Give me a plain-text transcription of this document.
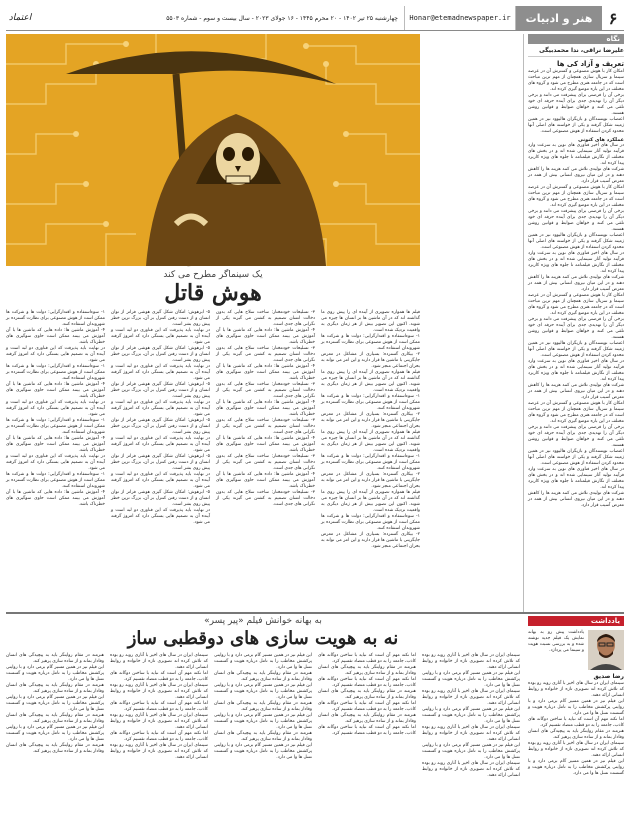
۶
هنر و ادبیات
Honar@etemadnewspaper.ir
چهارشنبه ۲۵ تیر ۱۴۰۲ - ۲۰ محرم ۱۴۴۵ - ۱۶ جولای ۲۰۲۳ - سال بیست و سوم - شماره ۵۵۰۳
اعتماد
نگاه
علیرضا نراقی، ندا محمدبیگی
تعریف و آزاد کی ها
امکان کار با هوش مصنوعی و گسترش آن در عرصه سینما و سریال سازی همچنان از مهم ترین مباحث است که در جامعه هنری مطرح می شود و گروه های مختلف در این باره موضع گیری کرده اند.
برخی آن را فرصتی برای پیشرفت می دانند و برخی دیگر آن را تهدیدی جدی برای آینده حرفه ای خود تلقی می کنند و خواهان ضوابط و قوانین روشن هستند.
اعتصاب نویسندگان و بازیگران هالیوود نیز در همین زمینه شکل گرفته و یکی از خواسته های اصلی آنها محدود کردن استفاده از هوش مصنوعی است.
عملکرد های کنونی
در سال های اخیر فناوری های نوین به سرعت وارد فرآیند تولید آثار سینمایی شده اند و در بخش های مختلف از نگارش فیلمنامه تا جلوه های ویژه کاربرد پیدا کرده اند.
شرکت های تولیدی تلاش می کنند هزینه ها را کاهش دهند و در این میان نیروی انسانی بیش از همه در معرض آسیب قرار دارد.
امکان کار با هوش مصنوعی و گسترش آن در عرصه سینما و سریال سازی همچنان از مهم ترین مباحث است که در جامعه هنری مطرح می شود و گروه های مختلف در این باره موضع گیری کرده اند.
برخی آن را فرصتی برای پیشرفت می دانند و برخی دیگر آن را تهدیدی جدی برای آینده حرفه ای خود تلقی می کنند و خواهان ضوابط و قوانین روشن هستند.
اعتصاب نویسندگان و بازیگران هالیوود نیز در همین زمینه شکل گرفته و یکی از خواسته های اصلی آنها محدود کردن استفاده از هوش مصنوعی است.
در سال های اخیر فناوری های نوین به سرعت وارد فرآیند تولید آثار سینمایی شده اند و در بخش های مختلف از نگارش فیلمنامه تا جلوه های ویژه کاربرد پیدا کرده اند.
شرکت های تولیدی تلاش می کنند هزینه ها را کاهش دهند و در این میان نیروی انسانی بیش از همه در معرض آسیب قرار دارد.
امکان کار با هوش مصنوعی و گسترش آن در عرصه سینما و سریال سازی همچنان از مهم ترین مباحث است که در جامعه هنری مطرح می شود و گروه های مختلف در این باره موضع گیری کرده اند.
برخی آن را فرصتی برای پیشرفت می دانند و برخی دیگر آن را تهدیدی جدی برای آینده حرفه ای خود تلقی می کنند و خواهان ضوابط و قوانین روشن هستند.
اعتصاب نویسندگان و بازیگران هالیوود نیز در همین زمینه شکل گرفته و یکی از خواسته های اصلی آنها محدود کردن استفاده از هوش مصنوعی است.
در سال های اخیر فناوری های نوین به سرعت وارد فرآیند تولید آثار سینمایی شده اند و در بخش های مختلف از نگارش فیلمنامه تا جلوه های ویژه کاربرد پیدا کرده اند.
شرکت های تولیدی تلاش می کنند هزینه ها را کاهش دهند و در این میان نیروی انسانی بیش از همه در معرض آسیب قرار دارد.
امکان کار با هوش مصنوعی و گسترش آن در عرصه سینما و سریال سازی همچنان از مهم ترین مباحث است که در جامعه هنری مطرح می شود و گروه های مختلف در این باره موضع گیری کرده اند.
برخی آن را فرصتی برای پیشرفت می دانند و برخی دیگر آن را تهدیدی جدی برای آینده حرفه ای خود تلقی می کنند و خواهان ضوابط و قوانین روشن هستند.
اعتصاب نویسندگان و بازیگران هالیوود نیز در همین زمینه شکل گرفته و یکی از خواسته های اصلی آنها محدود کردن استفاده از هوش مصنوعی است.
در سال های اخیر فناوری های نوین به سرعت وارد فرآیند تولید آثار سینمایی شده اند و در بخش های مختلف از نگارش فیلمنامه تا جلوه های ویژه کاربرد پیدا کرده اند.
شرکت های تولیدی تلاش می کنند هزینه ها را کاهش دهند و در این میان نیروی انسانی بیش از همه در معرض آسیب قرار دارد.
یک سینماگر مطرح می کند
هوش قاتل
فیلم ها همواره تصویری از آینده ای را پیش روی ما گذاشته اند که در آن ماشین ها بر انسان ها چیره می شوند. اکنون این تصویر بیش از هر زمان دیگری به واقعیت نزدیک شده است.
۱- سوءاستفاده و اقتدارگرایی: دولت ها و شرکت ها ممکن است از هوش مصنوعی برای نظارت گسترده بر شهروندان استفاده کنند.
۲- بیکاری گسترده: بسیاری از مشاغل در معرض جایگزینی با ماشین ها قرار دارند و این امر می تواند به بحران اجتماعی منجر شود.
فیلم ها همواره تصویری از آینده ای را پیش روی ما گذاشته اند که در آن ماشین ها بر انسان ها چیره می شوند. اکنون این تصویر بیش از هر زمان دیگری به واقعیت نزدیک شده است.
۱- سوءاستفاده و اقتدارگرایی: دولت ها و شرکت ها ممکن است از هوش مصنوعی برای نظارت گسترده بر شهروندان استفاده کنند.
۲- بیکاری گسترده: بسیاری از مشاغل در معرض جایگزینی با ماشین ها قرار دارند و این امر می تواند به بحران اجتماعی منجر شود.
فیلم ها همواره تصویری از آینده ای را پیش روی ما گذاشته اند که در آن ماشین ها بر انسان ها چیره می شوند. اکنون این تصویر بیش از هر زمان دیگری به واقعیت نزدیک شده است.
۱- سوءاستفاده و اقتدارگرایی: دولت ها و شرکت ها ممکن است از هوش مصنوعی برای نظارت گسترده بر شهروندان استفاده کنند.
۲- بیکاری گسترده: بسیاری از مشاغل در معرض جایگزینی با ماشین ها قرار دارند و این امر می تواند به بحران اجتماعی منجر شود.
فیلم ها همواره تصویری از آینده ای را پیش روی ما گذاشته اند که در آن ماشین ها بر انسان ها چیره می شوند. اکنون این تصویر بیش از هر زمان دیگری به واقعیت نزدیک شده است.
۱- سوءاستفاده و اقتدارگرایی: دولت ها و شرکت ها ممکن است از هوش مصنوعی برای نظارت گسترده بر شهروندان استفاده کنند.
۲- بیکاری گسترده: بسیاری از مشاغل در معرض جایگزینی با ماشین ها قرار دارند و این امر می تواند به بحران اجتماعی منجر شود.
۳- تسلیحات خودمختار: ساخت سلاح هایی که بدون دخالت انسان تصمیم به کشتن می گیرند یکی از نگرانی های جدی است.
۴- آموزش ماشین ها: داده هایی که ماشین ها با آن آموزش می بینند ممکن است حاوی سوگیری های خطرناک باشد.
۳- تسلیحات خودمختار: ساخت سلاح هایی که بدون دخالت انسان تصمیم به کشتن می گیرند یکی از نگرانی های جدی است.
۴- آموزش ماشین ها: داده هایی که ماشین ها با آن آموزش می بینند ممکن است حاوی سوگیری های خطرناک باشد.
۳- تسلیحات خودمختار: ساخت سلاح هایی که بدون دخالت انسان تصمیم به کشتن می گیرند یکی از نگرانی های جدی است.
۴- آموزش ماشین ها: داده هایی که ماشین ها با آن آموزش می بینند ممکن است حاوی سوگیری های خطرناک باشد.
۳- تسلیحات خودمختار: ساخت سلاح هایی که بدون دخالت انسان تصمیم به کشتن می گیرند یکی از نگرانی های جدی است.
۴- آموزش ماشین ها: داده هایی که ماشین ها با آن آموزش می بینند ممکن است حاوی سوگیری های خطرناک باشد.
۳- تسلیحات خودمختار: ساخت سلاح هایی که بدون دخالت انسان تصمیم به کشتن می گیرند یکی از نگرانی های جدی است.
۴- آموزش ماشین ها: داده هایی که ماشین ها با آن آموزش می بینند ممکن است حاوی سوگیری های خطرناک باشد.
۳- تسلیحات خودمختار: ساخت سلاح هایی که بدون دخالت انسان تصمیم به کشتن می گیرند یکی از نگرانی های جدی است.
۵- ابرهوش: امکان شکل گیری هوشی فراتر از توان انسان و از دست رفتن کنترل بر آن، بزرگ ترین خطر پیش روی بشر است.
در نهایت باید پذیرفت که این فناوری دو لبه است و آینده آن به تصمیم هایی بستگی دارد که امروز گرفته می شود.
۵- ابرهوش: امکان شکل گیری هوشی فراتر از توان انسان و از دست رفتن کنترل بر آن، بزرگ ترین خطر پیش روی بشر است.
در نهایت باید پذیرفت که این فناوری دو لبه است و آینده آن به تصمیم هایی بستگی دارد که امروز گرفته می شود.
۵- ابرهوش: امکان شکل گیری هوشی فراتر از توان انسان و از دست رفتن کنترل بر آن، بزرگ ترین خطر پیش روی بشر است.
در نهایت باید پذیرفت که این فناوری دو لبه است و آینده آن به تصمیم هایی بستگی دارد که امروز گرفته می شود.
۵- ابرهوش: امکان شکل گیری هوشی فراتر از توان انسان و از دست رفتن کنترل بر آن، بزرگ ترین خطر پیش روی بشر است.
در نهایت باید پذیرفت که این فناوری دو لبه است و آینده آن به تصمیم هایی بستگی دارد که امروز گرفته می شود.
۵- ابرهوش: امکان شکل گیری هوشی فراتر از توان انسان و از دست رفتن کنترل بر آن، بزرگ ترین خطر پیش روی بشر است.
در نهایت باید پذیرفت که این فناوری دو لبه است و آینده آن به تصمیم هایی بستگی دارد که امروز گرفته می شود.
۵- ابرهوش: امکان شکل گیری هوشی فراتر از توان انسان و از دست رفتن کنترل بر آن، بزرگ ترین خطر پیش روی بشر است.
در نهایت باید پذیرفت که این فناوری دو لبه است و آینده آن به تصمیم هایی بستگی دارد که امروز گرفته می شود.
۱- سوءاستفاده و اقتدارگرایی: دولت ها و شرکت ها ممکن است از هوش مصنوعی برای نظارت گسترده بر شهروندان استفاده کنند.
۴- آموزش ماشین ها: داده هایی که ماشین ها با آن آموزش می بینند ممکن است حاوی سوگیری های خطرناک باشد.
در نهایت باید پذیرفت که این فناوری دو لبه است و آینده آن به تصمیم هایی بستگی دارد که امروز گرفته می شود.
۱- سوءاستفاده و اقتدارگرایی: دولت ها و شرکت ها ممکن است از هوش مصنوعی برای نظارت گسترده بر شهروندان استفاده کنند.
۴- آموزش ماشین ها: داده هایی که ماشین ها با آن آموزش می بینند ممکن است حاوی سوگیری های خطرناک باشد.
در نهایت باید پذیرفت که این فناوری دو لبه است و آینده آن به تصمیم هایی بستگی دارد که امروز گرفته می شود.
۱- سوءاستفاده و اقتدارگرایی: دولت ها و شرکت ها ممکن است از هوش مصنوعی برای نظارت گسترده بر شهروندان استفاده کنند.
۴- آموزش ماشین ها: داده هایی که ماشین ها با آن آموزش می بینند ممکن است حاوی سوگیری های خطرناک باشد.
در نهایت باید پذیرفت که این فناوری دو لبه است و آینده آن به تصمیم هایی بستگی دارد که امروز گرفته می شود.
۱- سوءاستفاده و اقتدارگرایی: دولت ها و شرکت ها ممکن است از هوش مصنوعی برای نظارت گسترده بر شهروندان استفاده کنند.
۴- آموزش ماشین ها: داده هایی که ماشین ها با آن آموزش می بینند ممکن است حاوی سوگیری های خطرناک باشد.
یادداشت
یادداشت پیش رو به بهانه نمایش یک فیلم جدید نوشته شده و به بررسی نسبت هویت و سینما می پردازد.
رضا صدیق
سینمای ایران در سال های اخیر با آثاری روبه رو بوده که تلاش کرده اند تصویری تازه از خانواده و روابط انسانی ارائه دهند.
این فیلم نیز در همین مسیر گام برمی دارد و با روایتی پرکشش مخاطب را به تامل درباره هویت و گسست نسل ها وا می دارد.
اما نکته مهم آن است که نباید با ساختن دوگانه های کاذب، جامعه را به دو قطب متضاد تقسیم کرد.
هنرمند در مقام روایتگر باید به پیچیدگی های انسان وفادار بماند و از ساده سازی پرهیز کند.
سینمای ایران در سال های اخیر با آثاری روبه رو بوده که تلاش کرده اند تصویری تازه از خانواده و روابط انسانی ارائه دهند.
این فیلم نیز در همین مسیر گام برمی دارد و با روایتی پرکشش مخاطب را به تامل درباره هویت و گسست نسل ها وا می دارد.
به بهانه خوانش فیلم «پیر پسر»
نه به هویت سازی های دوقطبی ساز
سینمای ایران در سال های اخیر با آثاری روبه رو بوده که تلاش کرده اند تصویری تازه از خانواده و روابط انسانی ارائه دهند.
این فیلم نیز در همین مسیر گام برمی دارد و با روایتی پرکشش مخاطب را به تامل درباره هویت و گسست نسل ها وا می دارد.
سینمای ایران در سال های اخیر با آثاری روبه رو بوده که تلاش کرده اند تصویری تازه از خانواده و روابط انسانی ارائه دهند.
این فیلم نیز در همین مسیر گام برمی دارد و با روایتی پرکشش مخاطب را به تامل درباره هویت و گسست نسل ها وا می دارد.
سینمای ایران در سال های اخیر با آثاری روبه رو بوده که تلاش کرده اند تصویری تازه از خانواده و روابط انسانی ارائه دهند.
این فیلم نیز در همین مسیر گام برمی دارد و با روایتی پرکشش مخاطب را به تامل درباره هویت و گسست نسل ها وا می دارد.
سینمای ایران در سال های اخیر با آثاری روبه رو بوده که تلاش کرده اند تصویری تازه از خانواده و روابط انسانی ارائه دهند.
اما نکته مهم آن است که نباید با ساختن دوگانه های کاذب، جامعه را به دو قطب متضاد تقسیم کرد.
هنرمند در مقام روایتگر باید به پیچیدگی های انسان وفادار بماند و از ساده سازی پرهیز کند.
اما نکته مهم آن است که نباید با ساختن دوگانه های کاذب، جامعه را به دو قطب متضاد تقسیم کرد.
هنرمند در مقام روایتگر باید به پیچیدگی های انسان وفادار بماند و از ساده سازی پرهیز کند.
اما نکته مهم آن است که نباید با ساختن دوگانه های کاذب، جامعه را به دو قطب متضاد تقسیم کرد.
هنرمند در مقام روایتگر باید به پیچیدگی های انسان وفادار بماند و از ساده سازی پرهیز کند.
اما نکته مهم آن است که نباید با ساختن دوگانه های کاذب، جامعه را به دو قطب متضاد تقسیم کرد.
این فیلم نیز در همین مسیر گام برمی دارد و با روایتی پرکشش مخاطب را به تامل درباره هویت و گسست نسل ها وا می دارد.
هنرمند در مقام روایتگر باید به پیچیدگی های انسان وفادار بماند و از ساده سازی پرهیز کند.
این فیلم نیز در همین مسیر گام برمی دارد و با روایتی پرکشش مخاطب را به تامل درباره هویت و گسست نسل ها وا می دارد.
هنرمند در مقام روایتگر باید به پیچیدگی های انسان وفادار بماند و از ساده سازی پرهیز کند.
این فیلم نیز در همین مسیر گام برمی دارد و با روایتی پرکشش مخاطب را به تامل درباره هویت و گسست نسل ها وا می دارد.
هنرمند در مقام روایتگر باید به پیچیدگی های انسان وفادار بماند و از ساده سازی پرهیز کند.
این فیلم نیز در همین مسیر گام برمی دارد و با روایتی پرکشش مخاطب را به تامل درباره هویت و گسست نسل ها وا می دارد.
سینمای ایران در سال های اخیر با آثاری روبه رو بوده که تلاش کرده اند تصویری تازه از خانواده و روابط انسانی ارائه دهند.
اما نکته مهم آن است که نباید با ساختن دوگانه های کاذب، جامعه را به دو قطب متضاد تقسیم کرد.
سینمای ایران در سال های اخیر با آثاری روبه رو بوده که تلاش کرده اند تصویری تازه از خانواده و روابط انسانی ارائه دهند.
اما نکته مهم آن است که نباید با ساختن دوگانه های کاذب، جامعه را به دو قطب متضاد تقسیم کرد.
سینمای ایران در سال های اخیر با آثاری روبه رو بوده که تلاش کرده اند تصویری تازه از خانواده و روابط انسانی ارائه دهند.
اما نکته مهم آن است که نباید با ساختن دوگانه های کاذب، جامعه را به دو قطب متضاد تقسیم کرد.
سینمای ایران در سال های اخیر با آثاری روبه رو بوده که تلاش کرده اند تصویری تازه از خانواده و روابط انسانی ارائه دهند.
هنرمند در مقام روایتگر باید به پیچیدگی های انسان وفادار بماند و از ساده سازی پرهیز کند.
این فیلم نیز در همین مسیر گام برمی دارد و با روایتی پرکشش مخاطب را به تامل درباره هویت و گسست نسل ها وا می دارد.
هنرمند در مقام روایتگر باید به پیچیدگی های انسان وفادار بماند و از ساده سازی پرهیز کند.
این فیلم نیز در همین مسیر گام برمی دارد و با روایتی پرکشش مخاطب را به تامل درباره هویت و گسست نسل ها وا می دارد.
هنرمند در مقام روایتگر باید به پیچیدگی های انسان وفادار بماند و از ساده سازی پرهیز کند.
این فیلم نیز در همین مسیر گام برمی دارد و با روایتی پرکشش مخاطب را به تامل درباره هویت و گسست نسل ها وا می دارد.
هنرمند در مقام روایتگر باید به پیچیدگی های انسان وفادار بماند و از ساده سازی پرهیز کند.
